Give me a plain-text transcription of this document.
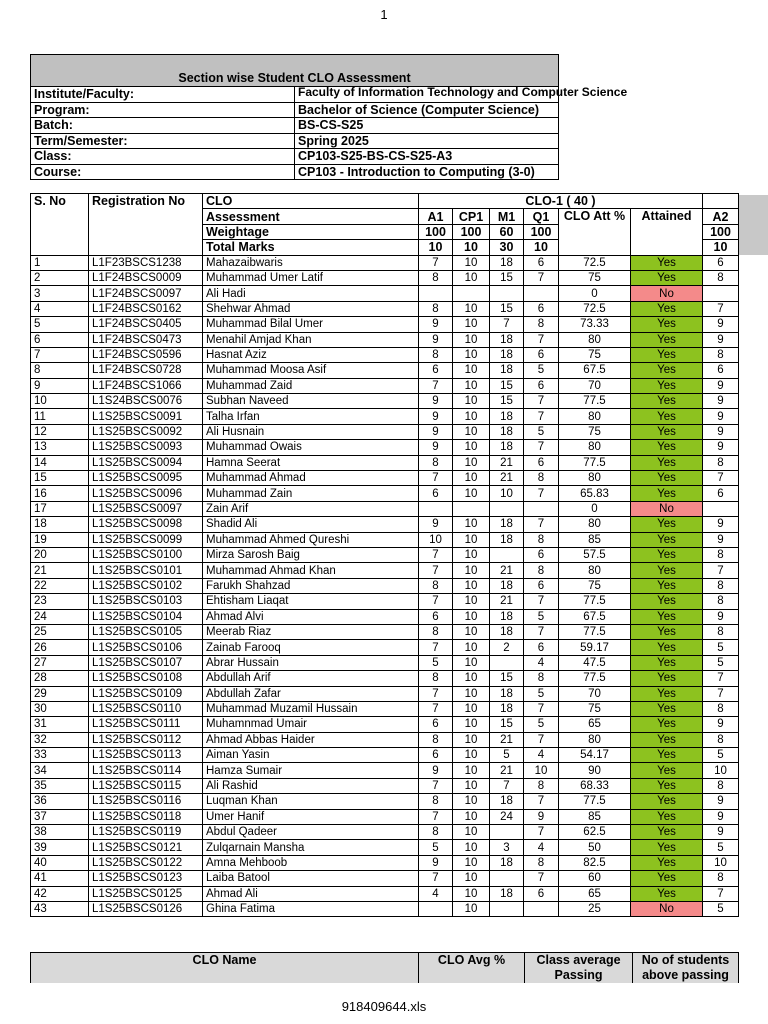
1
Section wise Student CLO Assessment	
Institute/Faculty:	Faculty of Information Technology and Computer Science
Program:	Bachelor of Science (Computer Science)
Batch:	BS-CS-S25
Term/Semester:	Spring 2025
Class:	CP103-S25-BS-CS-S25-A3
Course:	CP103 - Introduction to Computing (3-0)
S. No	Registration No	CLO	CLO-1 ( 40 )						
		Assessment	A1	CP1	M1	Q1	CLO Att %	Attained	A2
		Weightage	100	100	60	100			100
		Total Marks	10	10	30	10			10
1	L1F23BSCS1238	Mahazaibwaris	7	10	18	6	72.5	Yes	6
2	L1F24BSCS0009	Muhammad Umer Latif	8	10	15	7	75	Yes	8
3	L1F24BSCS0097	Ali Hadi					0	No	
4	L1F24BSCS0162	Shehwar Ahmad	8	10	15	6	72.5	Yes	7
5	L1F24BSCS0405	Muhammad Bilal Umer	9	10	7	8	73.33	Yes	9
6	L1F24BSCS0473	Menahil Amjad Khan	9	10	18	7	80	Yes	9
7	L1F24BSCS0596	Hasnat Aziz	8	10	18	6	75	Yes	8
8	L1F24BSCS0728	Muhammad Moosa Asif	6	10	18	5	67.5	Yes	6
9	L1F24BSCS1066	Muhammad Zaid	7	10	15	6	70	Yes	9
10	L1S24BSCS0076	Subhan Naveed	9	10	15	7	77.5	Yes	9
11	L1S25BSCS0091	Talha Irfan	9	10	18	7	80	Yes	9
12	L1S25BSCS0092	Ali Husnain	9	10	18	5	75	Yes	9
13	L1S25BSCS0093	Muhammad Owais	9	10	18	7	80	Yes	9
14	L1S25BSCS0094	Hamna Seerat	8	10	21	6	77.5	Yes	8
15	L1S25BSCS0095	Muhammad Ahmad	7	10	21	8	80	Yes	7
16	L1S25BSCS0096	Muhammad Zain	6	10	10	7	65.83	Yes	6
17	L1S25BSCS0097	Zain Arif					0	No	
18	L1S25BSCS0098	Shadid Ali	9	10	18	7	80	Yes	9
19	L1S25BSCS0099	Muhammad Ahmed Qureshi	10	10	18	8	85	Yes	9
20	L1S25BSCS0100	Mirza Sarosh Baig	7	10		6	57.5	Yes	8
21	L1S25BSCS0101	Muhammad Ahmad Khan	7	10	21	8	80	Yes	7
22	L1S25BSCS0102	Farukh Shahzad	8	10	18	6	75	Yes	8
23	L1S25BSCS0103	Ehtisham Liaqat	7	10	21	7	77.5	Yes	8
24	L1S25BSCS0104	Ahmad Alvi	6	10	18	5	67.5	Yes	9
25	L1S25BSCS0105	Meerab Riaz	8	10	18	7	77.5	Yes	8
26	L1S25BSCS0106	Zainab Farooq	7	10	2	6	59.17	Yes	5
27	L1S25BSCS0107	Abrar Hussain	5	10		4	47.5	Yes	5
28	L1S25BSCS0108	Abdullah Arif	8	10	15	8	77.5	Yes	7
29	L1S25BSCS0109	Abdullah Zafar	7	10	18	5	70	Yes	7
30	L1S25BSCS0110	Muhammad Muzamil Hussain	7	10	18	7	75	Yes	8
31	L1S25BSCS0111	Muhamnmad Umair	6	10	15	5	65	Yes	9
32	L1S25BSCS0112	Ahmad Abbas Haider	8	10	21	7	80	Yes	8
33	L1S25BSCS0113	Aiman Yasin	6	10	5	4	54.17	Yes	5
34	L1S25BSCS0114	Hamza Sumair	9	10	21	10	90	Yes	10
35	L1S25BSCS0115	Ali Rashid	7	10	7	8	68.33	Yes	8
36	L1S25BSCS0116	Luqman Khan	8	10	18	7	77.5	Yes	9
37	L1S25BSCS0118	Umer Hanif	7	10	24	9	85	Yes	9
38	L1S25BSCS0119	Abdul Qadeer	8	10		7	62.5	Yes	9
39	L1S25BSCS0121	Zulqarnain Mansha	5	10	3	4	50	Yes	5
40	L1S25BSCS0122	Amna Mehboob	9	10	18	8	82.5	Yes	10
41	L1S25BSCS0123	Laiba Batool	7	10		7	60	Yes	8
42	L1S25BSCS0125	Ahmad Ali	4	10	18	6	65	Yes	7
43	L1S25BSCS0126	Ghina Fatima		10			25	No	5
CLO Name	CLO Avg %	Class average Passing	No of students above passing
918409644.xls
